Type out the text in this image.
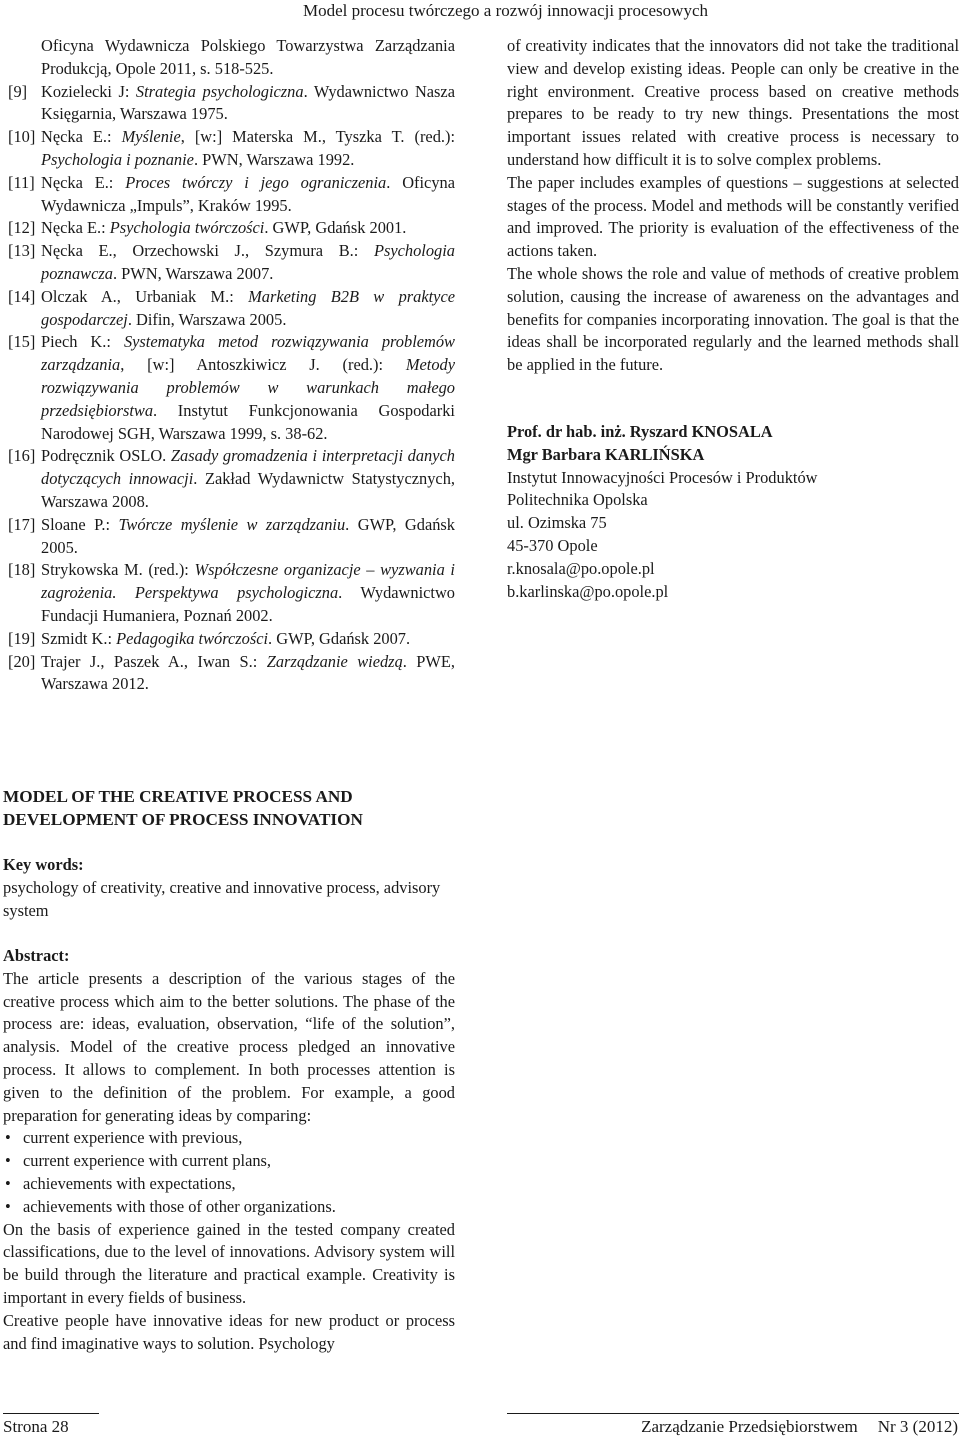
Model procesu twórczego a rozwój innowacji procesowych
Oficyna Wydawnicza Polskiego Towarzystwa Zarządzania Produkcją, Opole 2011, s. 518-525.
[9] Kozielecki J: Strategia psychologiczna. Wydawnictwo Nasza Księgarnia, Warszawa 1975.
[10] Nęcka E.: Myślenie, [w:] Materska M., Tyszka T. (red.): Psychologia i poznanie. PWN, Warszawa 1992.
[11] Nęcka E.: Proces twórczy i jego ograniczenia. Oficyna Wydawnicza „Impuls”, Kraków 1995.
[12] Nęcka E.: Psychologia twórczości. GWP, Gdańsk 2001.
[13] Nęcka E., Orzechowski J., Szymura B.: Psychologia poznawcza. PWN, Warszawa 2007.
[14] Olczak A., Urbaniak M.: Marketing B2B w praktyce gospodarczej. Difin, Warszawa 2005.
[15] Piech K.: Systematyka metod rozwiązywania problemów zarządzania, [w:] Antoszkiwicz J. (red.): Metody rozwiązywania problemów w warunkach małego przedsiębiorstwa. Instytut Funkcjonowania Gospodarki Narodowej SGH, Warszawa 1999, s. 38-62.
[16] Podręcznik OSLO. Zasady gromadzenia i interpretacji danych dotyczących innowacji. Zakład Wydawnictw Statystycznych, Warszawa 2008.
[17] Sloane P.: Twórcze myślenie w zarządzaniu. GWP, Gdańsk 2005.
[18] Strykowska M. (red.): Współczesne organizacje – wyzwania i zagrożenia. Perspektywa psychologiczna. Wydawnictwo Fundacji Humaniera, Poznań 2002.
[19] Szmidt K.: Pedagogika twórczości. GWP, Gdańsk 2007.
[20] Trajer J., Paszek A., Iwan S.: Zarządzanie wiedzą. PWE, Warszawa 2012.
MODEL OF THE CREATIVE PROCESS AND DEVELOPMENT OF PROCESS INNOVATION
Key words:
psychology of creativity, creative and innovative process, advisory system
Abstract:

The article presents a description of the various stages of the creative process which aim to the better solutions. The phase of the process are: ideas, evaluation, observation, “life of the solution”, analysis. Model of the creative process pledged an innovative process. It allows to complement. In both processes attention is given to the definition of the problem. For example, a good preparation for generating ideas by comparing:

• current experience with previous,
• current experience with current plans,
• achievements with expectations,
• achievements with those of other organizations.

On the basis of experience gained in the tested company created classifications, due to the level of innovations. Advisory system will be build through the literature and practical example. Creativity is important in every fields of business.

Creative people have innovative ideas for new product or process and find imaginative ways to solution. Psychology

of creativity indicates that the innovators did not take the traditional view and develop existing ideas. People can only be creative in the right environment. Creative process based on creative methods prepares to be ready to try new things. Presentations the most important issues related with creative process is necessary to understand how difficult it is to solve complex problems.

The paper includes examples of questions – suggestions at selected stages of the process. Model and methods will be constantly verified and improved. The priority is evaluation of the effectiveness of the actions taken.

The whole shows the role and value of methods of creative problem solution, causing the increase of awareness on the advantages and benefits for companies incorporating innovation. The goal is that the ideas shall be incorporated regularly and the learned methods shall be applied in the future.

Prof. dr hab. inż. Ryszard KNOSALA
Mgr Barbara KARLIŃSKA
Instytut Innowacyjności Procesów i Produktów
Politechnika Opolska
ul. Ozimska 75
45-370 Opole
r.knosala@po.opole.pl
b.karlinska@po.opole.pl
Strona 28	Zarządzanie Przedsiębiorstwem Nr 3 (2012)
